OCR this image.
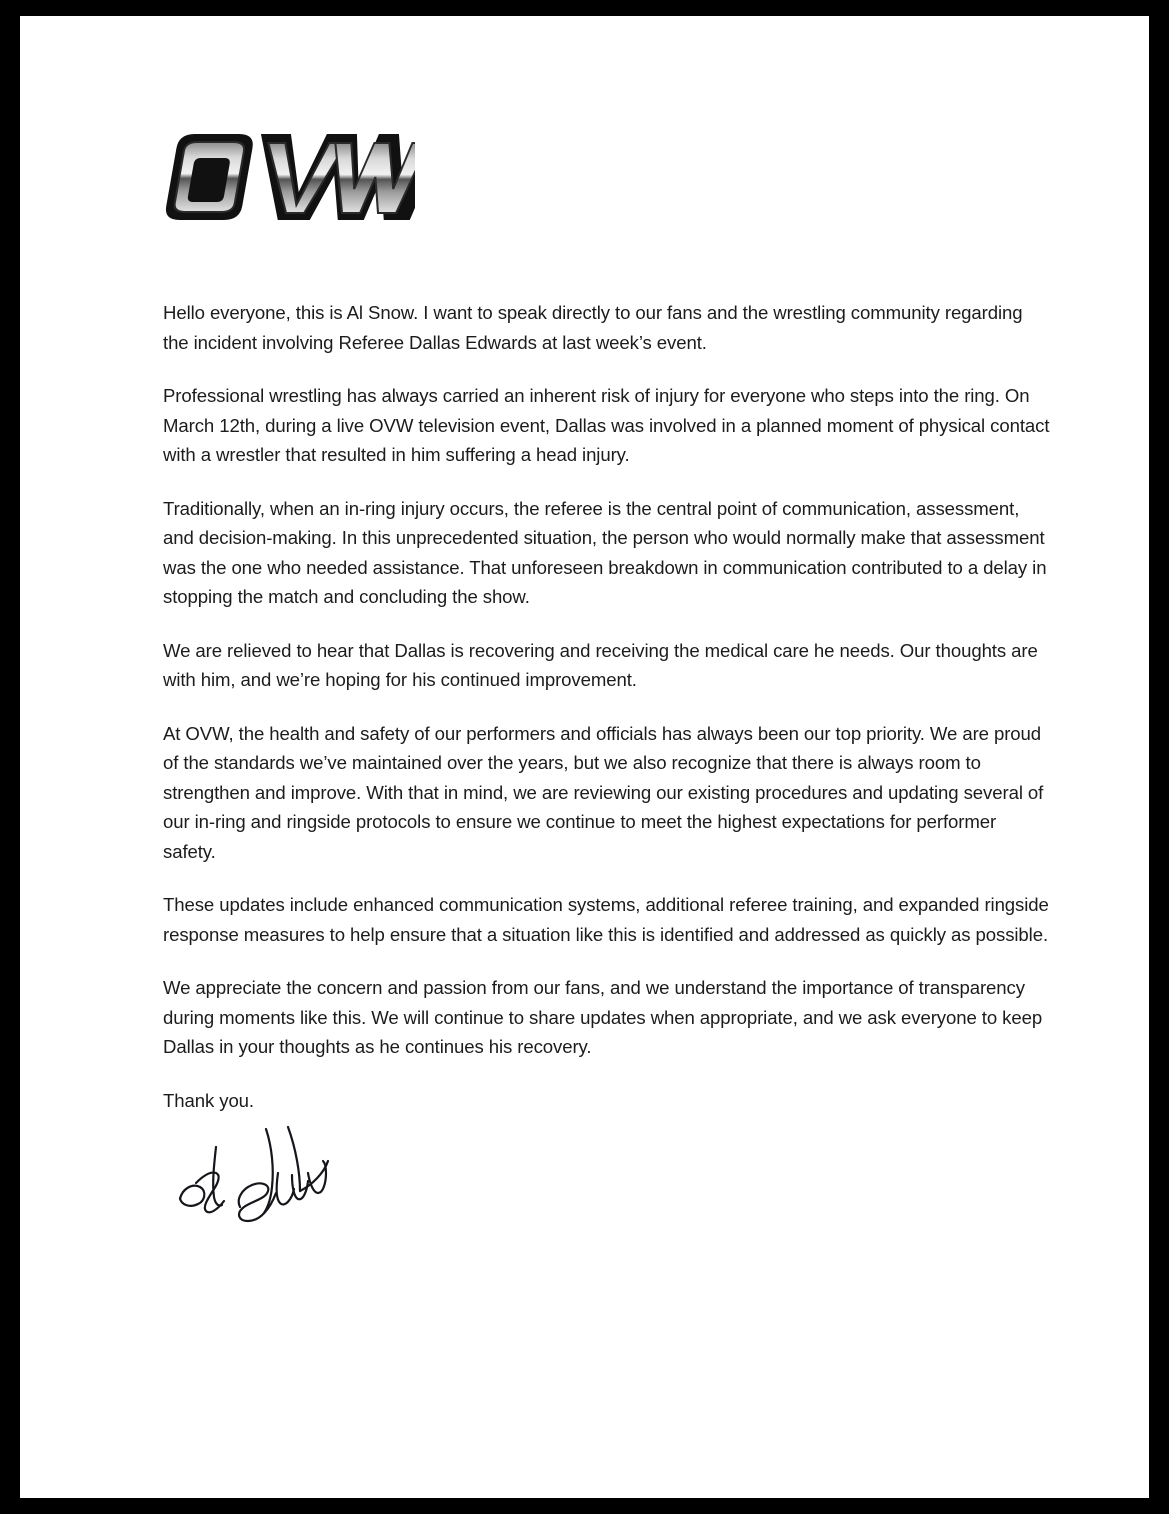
Hello everyone, this is Al Snow. I want to speak directly to our fans and the wrestling community regarding the incident involving Referee Dallas Edwards at last week’s event.

Professional wrestling has always carried an inherent risk of injury for everyone who steps into the ring. On March 12th, during a live OVW television event, Dallas was involved in a planned moment of physical contact with a wrestler that resulted in him suffering a head injury.

Traditionally, when an in-ring injury occurs, the referee is the central point of communication, assessment, and decision-making. In this unprecedented situation, the person who would normally make that assessment was the one who needed assistance. That unforeseen breakdown in communication contributed to a delay in stopping the match and concluding the show.

We are relieved to hear that Dallas is recovering and receiving the medical care he needs. Our thoughts are with him, and we’re hoping for his continued improvement.

At OVW, the health and safety of our performers and officials has always been our top priority. We are proud of the standards we’ve maintained over the years, but we also recognize that there is always room to strengthen and improve. With that in mind, we are reviewing our existing procedures and updating several of our in-ring and ringside protocols to ensure we continue to meet the highest expectations for performer safety.

These updates include enhanced communication systems, additional referee training, and expanded ringside response measures to help ensure that a situation like this is identified and addressed as quickly as possible.

We appreciate the concern and passion from our fans, and we understand the importance of transparency during moments like this. We will continue to share updates when appropriate, and we ask everyone to keep Dallas in your thoughts as he continues his recovery.

Thank you.
